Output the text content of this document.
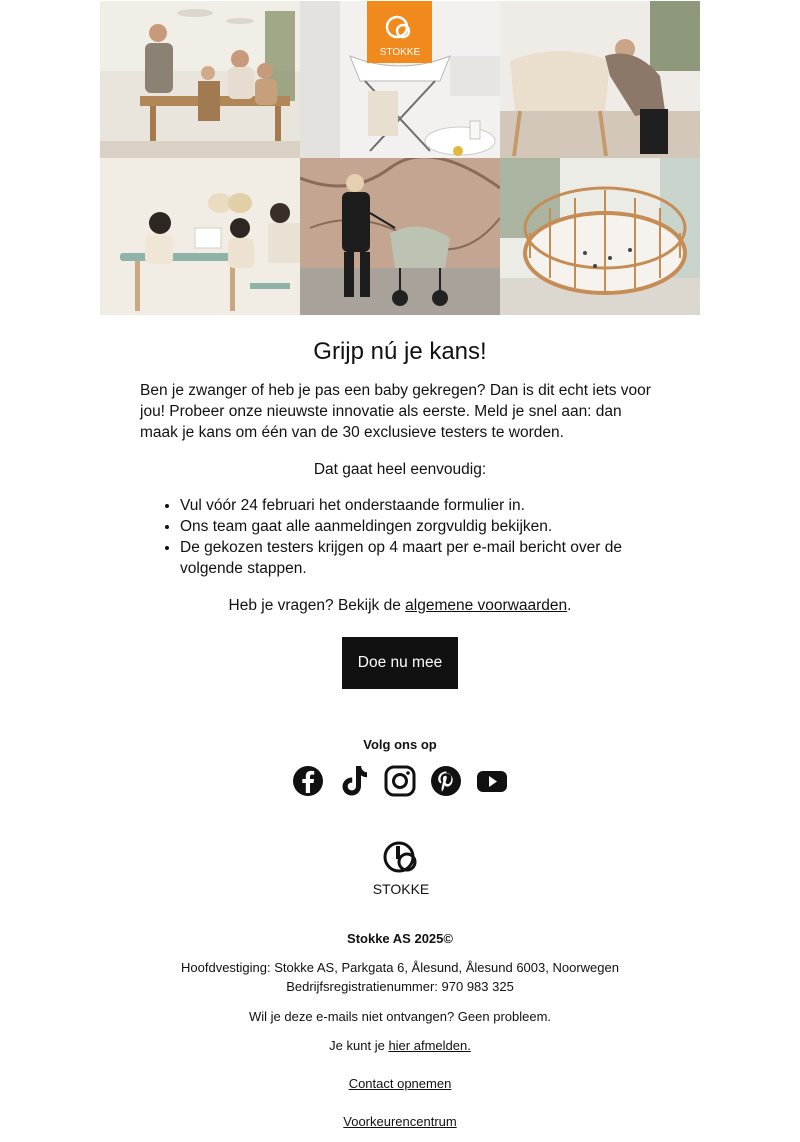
STOKKE
Grijp nú je kans!

Ben je zwanger of heb je pas een baby gekregen? Dan is dit echt iets voor jou! Probeer onze nieuwste innovatie als eerste. Meld je snel aan: dan maak je kans om één van de 30 exclusieve testers te worden.

Dat gaat heel eenvoudig:

• Vul vóór 24 februari het onderstaande formulier in.
• Ons team gaat alle aanmeldingen zorgvuldig bekijken.
• De gekozen testers krijgen op 4 maart per e-mail bericht over de volgende stappen.

Heb je vragen? Bekijk de algemene voorwaarden.

Doe nu mee

Volg ons op

STOKKE

Stokke AS 2025©

Hoofdvestiging: Stokke AS, Parkgata 6, Ålesund, Ålesund 6003, Noorwegen

Bedrijfsregistratienummer: 970 983 325

Wil je deze e-mails niet ontvangen? Geen probleem.

Je kunt je hier afmelden.

Contact opnemen

Voorkeurencentrum
